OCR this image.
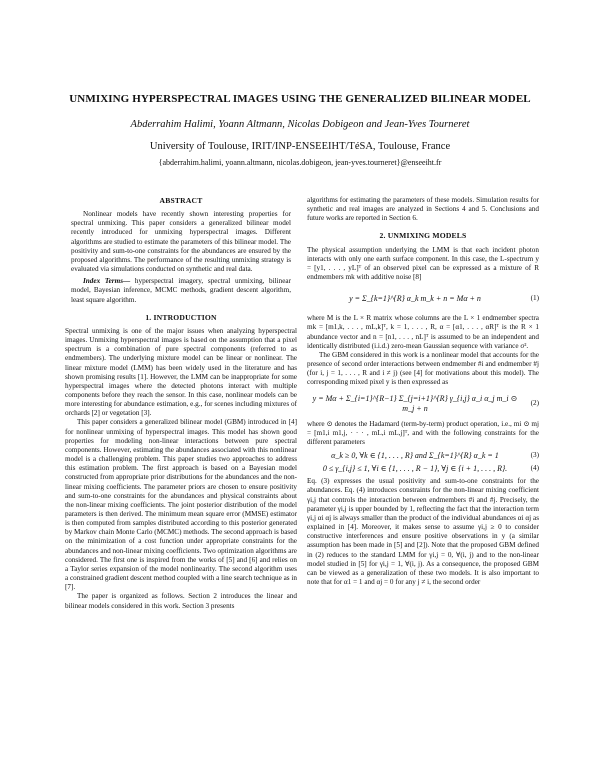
UNMIXING HYPERSPECTRAL IMAGES USING THE GENERALIZED BILINEAR MODEL
Abderrahim Halimi, Yoann Altmann, Nicolas Dobigeon and Jean-Yves Tourneret
University of Toulouse, IRIT/INP-ENSEEIHT/TéSA, Toulouse, France
{abderrahim.halimi, yoann.altmann, nicolas.dobigeon, jean-yves.tourneret}@enseeiht.fr
ABSTRACT

Nonlinear models have recently shown interesting properties for spectral unmixing. This paper considers a generalized bilinear model recently introduced for unmixing hyperspectral images. Different algorithms are studied to estimate the parameters of this bilinear model. The positivity and sum-to-one constraints for the abundances are ensured by the proposed algorithms. The performance of the resulting unmixing strategy is evaluated via simulations conducted on synthetic and real data.

Index Terms— hyperspectral imagery, spectral unmixing, bilinear model, Bayesian inference, MCMC methods, gradient descent algorithm, least square algorithm.

1. INTRODUCTION

Spectral unmixing is one of the major issues when analyzing hyperspectral images. Unmixing hyperspectral images is based on the assumption that a pixel spectrum is a combination of pure spectral components (referred to as endmembers). The underlying mixture model can be linear or nonlinear. The linear mixture model (LMM) has been widely used in the literature and has shown promising results [1]. However, the LMM can be inappropriate for some hyperspectral images where the detected photons interact with multiple components before they reach the sensor. In this case, nonlinear models can be more interesting for abundance estimation, e.g., for scenes including mixtures of orchards [2] or vegetation [3].

This paper considers a generalized bilinear model (GBM) introduced in [4] for nonlinear unmixing of hyperspectral images. This model has shown good properties for modeling non-linear interactions between pure spectral components. However, estimating the abundances associated with this nonlinear model is a challenging problem. This paper studies two approaches to address this estimation problem. The first approach is based on a Bayesian model constructed from appropriate prior distributions for the abundances and the non-linear mixing coefficients. The parameter priors are chosen to ensure positivity and sum-to-one constraints for the abundances and physical constraints about the non-linear mixing coefficients. The joint posterior distribution of the model parameters is then derived. The minimum mean square error (MMSE) estimator is then computed from samples distributed according to this posterior generated by Markov chain Monte Carlo (MCMC) methods. The second approach is based on the minimization of a cost function under appropriate constraints for the abundances and non-linear mixing coefficients. Two optimization algorithms are considered. The first one is inspired from the works of [5] and [6] and relies on a Taylor series expansion of the model nonlinearity. The second algorithm uses a constrained gradient descent method coupled with a line search technique as in [7].

The paper is organized as follows. Section 2 introduces the linear and bilinear models considered in this work. Section 3 presents

algorithms for estimating the parameters of these models. Simulation results for synthetic and real images are analyzed in Sections 4 and 5. Conclusions and future works are reported in Section 6.

2. UNMIXING MODELS

The physical assumption underlying the LMM is that each incident photon interacts with only one earth surface component. In this case, the L-spectrum y = [y1, . . . , yL]ᵀ of an observed pixel can be expressed as a mixture of R endmembers mk with additive noise [8]

y = Σ_{k=1}^{R} α_k m_k + n = Mα + n	(1)

where M is the L × R matrix whose columns are the L × 1 endmember spectra mk = [m1,k, . . . , mL,k]ᵀ, k = 1, . . . , R, α = [α1, . . . , αR]ᵀ is the R × 1 abundance vector and n = [n1, . . . , nL]ᵀ is assumed to be an independent and identically distributed (i.i.d.) zero-mean Gaussian sequence with variance σ².

The GBM considered in this work is a nonlinear model that accounts for the presence of second order interactions between endmember #i and endmember #j (for i, j = 1, . . . , R and i ≠ j) (see [4] for motivations about this model). The corresponding mixed pixel y is then expressed as

y = Mα + Σ_{i=1}^{R−1} Σ_{j=i+1}^{R} γ_{i,j} α_i α_j m_i ⊙ m_j + n
(2)

where ⊙ denotes the Hadamard (term-by-term) product operation, i.e., mi ⊙ mj = [m1,i m1,j, · · · , mL,i mL,j]ᵀ, and with the following constraints for the different parameters

α_k ≥ 0, ∀k ∈ {1, . . . , R} and Σ_{k=1}^{R} α_k = 1	(3)
0 ≤ γ_{i,j} ≤ 1, ∀i ∈ {1, . . . , R − 1}, ∀j ∈ {i + 1, . . . , R}.	(4)

Eq. (3) expresses the usual positivity and sum-to-one constraints for the abundances. Eq. (4) introduces constraints for the non-linear mixing coefficient γi,j that controls the interaction between endmembers #i and #j. Precisely, the parameter γi,j is upper bounded by 1, reflecting the fact that the interaction term γi,j αi αj is always smaller than the product of the individual abundances αi αj as explained in [4]. Moreover, it makes sense to assume γi,j ≥ 0 to consider constructive interferences and ensure positive observations in y (a similar assumption has been made in [5] and [2]). Note that the proposed GBM defined in (2) reduces to the standard LMM for γi,j = 0, ∀(i, j) and to the non-linear model studied in [5] for γi,j = 1, ∀(i, j). As a consequence, the proposed GBM can be viewed as a generalization of these two models. It is also important to note that for α1 = 1 and αj = 0 for any j ≠ i, the second order
